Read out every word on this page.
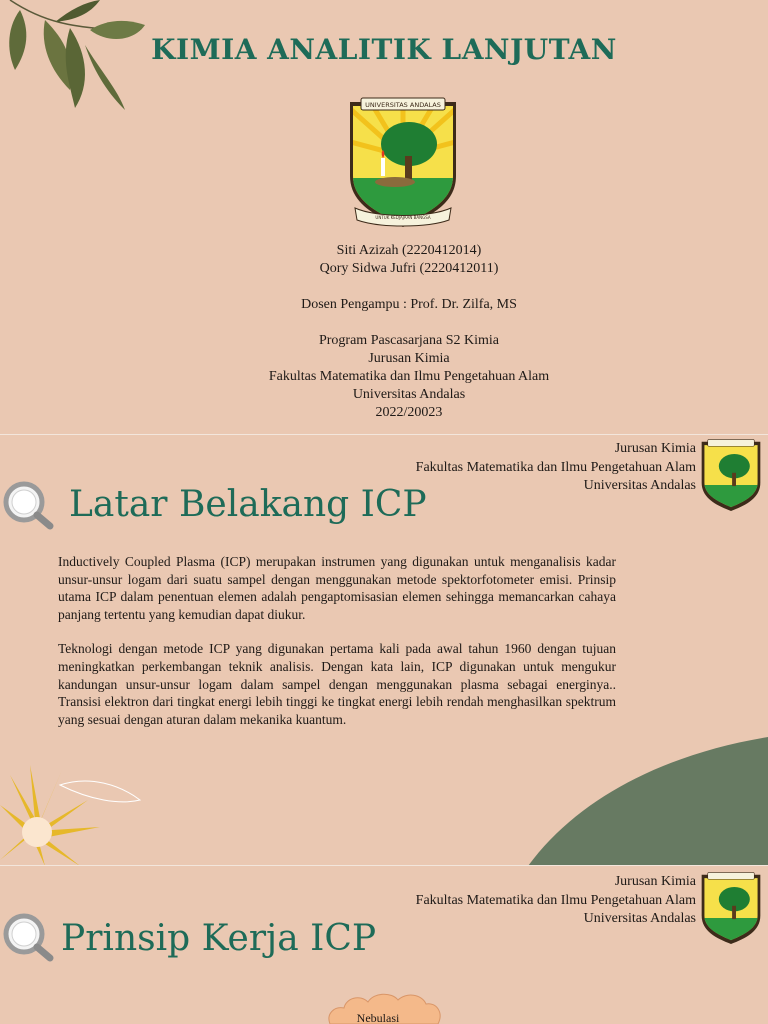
KIMIA ANALITIK LANJUTAN
UNIVERSITAS ANDALAS
UNTUK KEDJAJAAN BANGSA
Siti Azizah (2220412014)
Qory Sidwa Jufri (2220412011)
Dosen Pengampu : Prof. Dr. Zilfa, MS
Program Pascasarjana S2 Kimia
Jurusan Kimia
Fakultas Matematika dan Ilmu Pengetahuan Alam
Universitas Andalas
2022/20023
Jurusan Kimia
Fakultas Matematika dan Ilmu Pengetahuan Alam
Universitas Andalas
Latar Belakang ICP

Inductively Coupled Plasma (ICP) merupakan instrumen yang digunakan untuk menganalisis kadar unsur-unsur logam dari suatu sampel dengan menggunakan metode spektorfotometer emisi. Prinsip utama ICP dalam penentuan elemen adalah pengaptomisasian elemen sehingga memancarkan cahaya panjang tertentu yang kemudian dapat diukur.

Teknologi dengan metode ICP yang digunakan pertama kali pada awal tahun 1960 dengan tujuan meningkatkan perkembangan teknik analisis. Dengan kata lain, ICP digunakan untuk mengukur kandungan unsur-unsur logam dalam sampel dengan menggunakan plasma sebagai energinya.. Transisi elektron dari tingkat energi lebih tinggi ke tingkat energi lebih rendah menghasilkan spektrum yang sesuai dengan aturan dalam mekanika kuantum.

Jurusan Kimia
Fakultas Matematika dan Ilmu Pengetahuan Alam
Universitas Andalas
Prinsip Kerja ICP
Nebulasi
